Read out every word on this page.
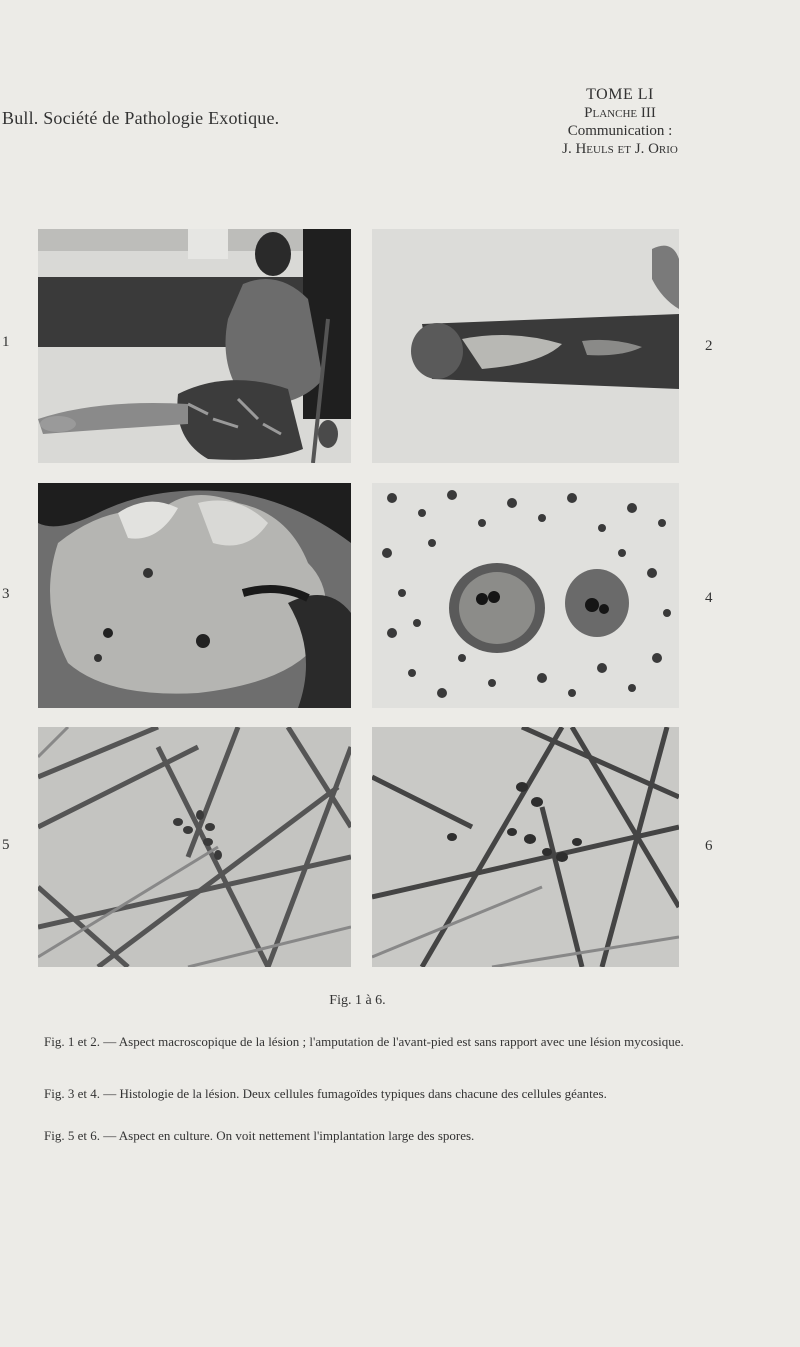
Bull. Société de Pathologie Exotique.
TOME LI
Planche III
Communication :
J. Heuls et J. Orio
1	2
3	4
5	6
Fig. 1 à 6.

Fig. 1 et 2. — Aspect macroscopique de la lésion ; l'amputation de l'avant-pied est sans rapport avec une lésion mycosique.

Fig. 3 et 4. — Histologie de la lésion. Deux cellules fumagoïdes typiques dans chacune des cellules géantes.

Fig. 5 et 6. — Aspect en culture. On voit nettement l'implantation large des spores.
